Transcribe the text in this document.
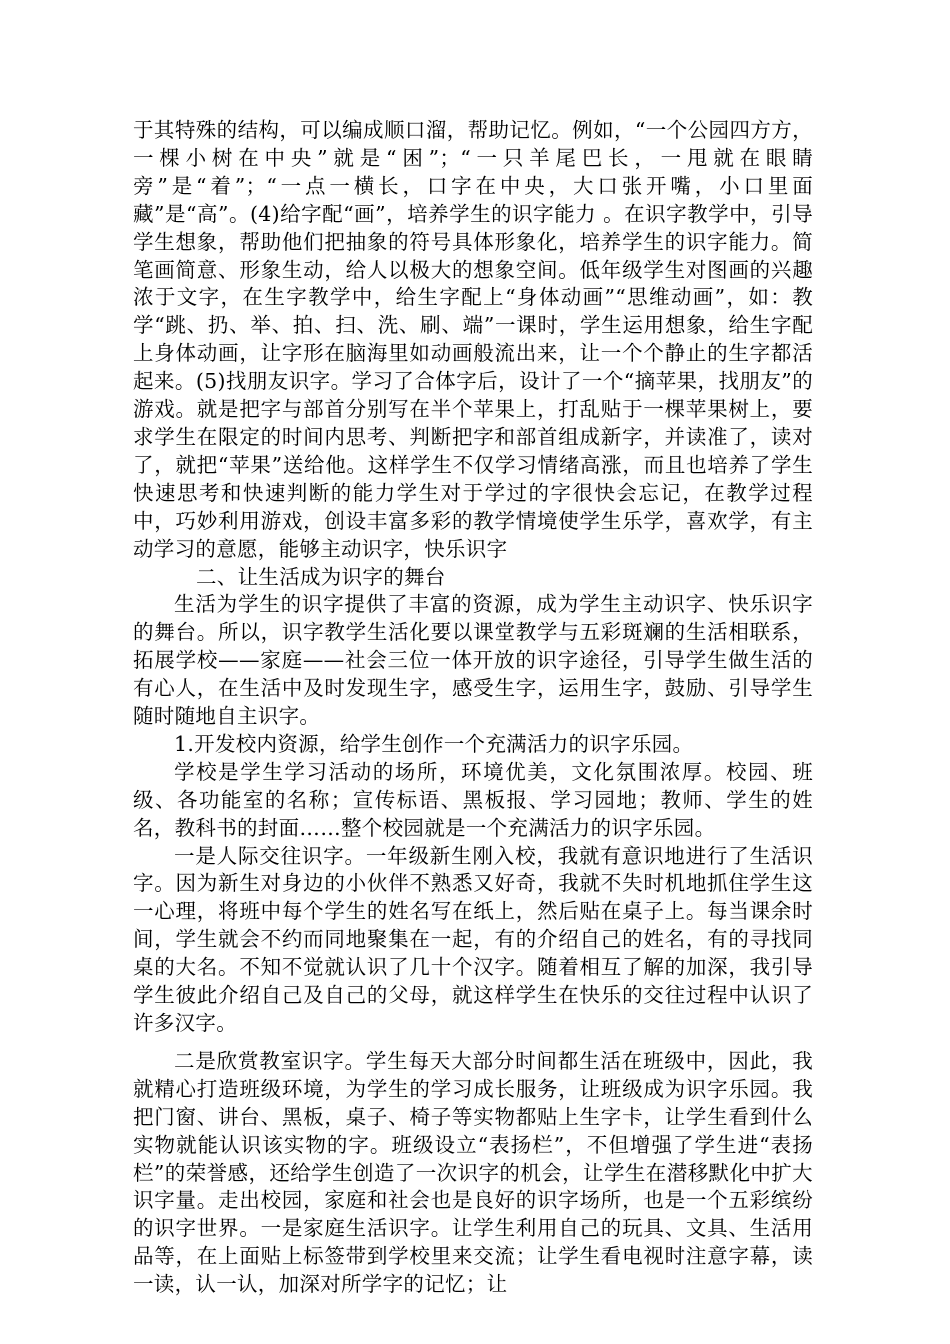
于其特殊的结构，可以编成顺口溜，帮助记忆。例如，“一个公园四方方，一棵小树在中央”就是“困”；“一只羊尾巴长，一甩就在眼睛旁”是“着”；“一点一横长，口字在中央，大口张开嘴，小口里面藏”是“高”。(4)给字配“画”，培养学生的识字能力 。在识字教学中，引导学生想象，帮助他们把抽象的符号具体形象化，培养学生的识字能力。简笔画简意、形象生动，给人以极大的想象空间。低年级学生对图画的兴趣浓于文字，在生字教学中，给生字配上“身体动画”“思维动画”，如：教学“跳、扔、举、拍、扫、洗、刷、端”一课时，学生运用想象，给生字配上身体动画，让字形在脑海里如动画般流出来，让一个个静止的生字都活起来。(5)找朋友识字。学习了合体字后，设计了一个“摘苹果，找朋友”的游戏。就是把字与部首分别写在半个苹果上，打乱贴于一棵苹果树上，要求学生在限定的时间内思考、判断把字和部首组成新字，并读准了，读对了，就把“苹果”送给他。这样学生不仅学习情绪高涨，而且也培养了学生快速思考和快速判断的能力学生对于学过的字很快会忘记，在教学过程中，巧妙利用游戏，创设丰富多彩的教学情境使学生乐学，喜欢学，有主动学习的意愿，能够主动识字，快乐识字

二、让生活成为识字的舞台

生活为学生的识字提供了丰富的资源，成为学生主动识字、快乐识字的舞台。所以，识字教学生活化要以课堂教学与五彩斑斓的生活相联系，拓展学校——家庭——社会三位一体开放的识字途径，引导学生做生活的有心人，在生活中及时发现生字，感受生字，运用生字，鼓励、引导学生随时随地自主识字。

1.开发校内资源，给学生创作一个充满活力的识字乐园。

学校是学生学习活动的场所，环境优美，文化氛围浓厚。校园、班级、各功能室的名称；宣传标语、黑板报、学习园地；教师、学生的姓名，教科书的封面……整个校园就是一个充满活力的识字乐园。

一是人际交往识字。一年级新生刚入校，我就有意识地进行了生活识字。因为新生对身边的小伙伴不熟悉又好奇，我就不失时机地抓住学生这一心理，将班中每个学生的姓名写在纸上，然后贴在桌子上。每当课余时间，学生就会不约而同地聚集在一起，有的介绍自己的姓名，有的寻找同桌的大名。不知不觉就认识了几十个汉字。随着相互了解的加深，我引导学生彼此介绍自己及自己的父母，就这样学生在快乐的交往过程中认识了许多汉字。

二是欣赏教室识字。学生每天大部分时间都生活在班级中，因此，我就精心打造班级环境，为学生的学习成长服务，让班级成为识字乐园。我把门窗、讲台、黑板，桌子、椅子等实物都贴上生字卡，让学生看到什么实物就能认识该实物的字。班级设立“表扬栏”，不但增强了学生进“表扬栏”的荣誉感，还给学生创造了一次识字的机会，让学生在潜移默化中扩大识字量。走出校园，家庭和社会也是良好的识字场所，也是一个五彩缤纷的识字世界。一是家庭生活识字。让学生利用自己的玩具、文具、生活用品等，在上面贴上标签带到学校里来交流；让学生看电视时注意字幕，读一读，认一认，加深对所学字的记忆；让
